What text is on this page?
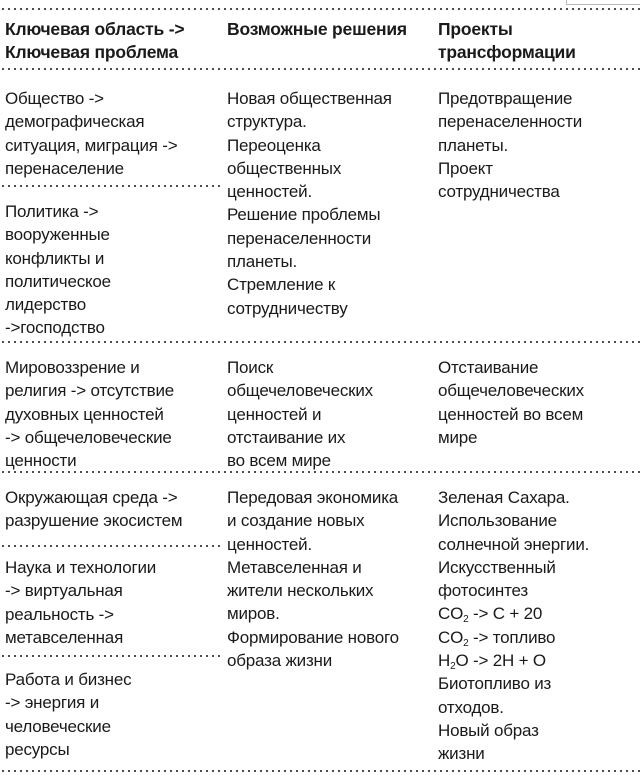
Ключевая область ->
Ключевая проблема
Возможные решения	Проекты
трансформации
Общество ->
демографическая
ситуация, миграция ->
перенаселение
Политика ->
вооруженные
конфликты и
политическое
лидерство
->господство
Новая общественная
структура.
Переоценка
общественных
ценностей.
Решение проблемы
перенаселенности
планеты.
Стремление к
сотрудничеству
Предотвращение
перенаселенности
планеты.
Проект
сотрудничества
Мировоззрение и
религия -> отсутствие
духовных ценностей
-> общечеловеческие
ценности
Поиск
общечеловеческих
ценностей и
отстаивание их
во всем мире
Отстаивание
общечеловеческих
ценностей во всем
мире
Окружающая среда ->
разрушение экосистем
Наука и технологии
-> виртуальная
реальность ->
метавселенная
Работа и бизнес
-> энергия и
человеческие
ресурсы
Передовая экономика
и создание новых
ценностей.
Метавселенная и
жители нескольких
миров.
Формирование нового
образа жизни
Зеленая Сахара.
Использование
солнечной энергии.
Искусственный
фотосинтез
$CO_2 -> C + 20$
$CO_2$ -> топливо
$H_2O -> 2H + O$
Биотопливо из
отходов.
Новый образ
жизни
